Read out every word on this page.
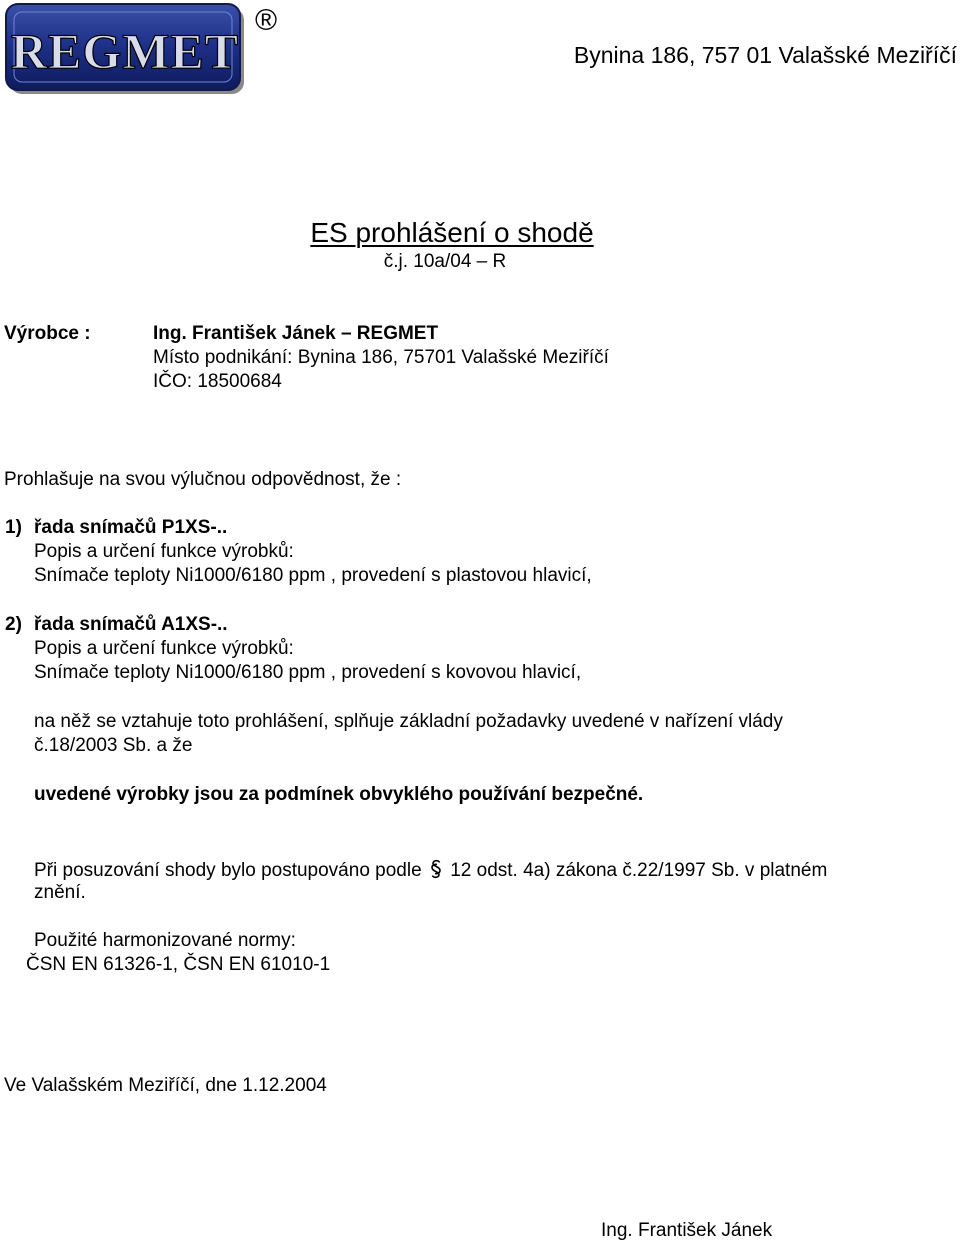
REGMET
®
Bynina 186, 757 01 Valašské Meziříčí
ES prohlášení o shodě
č.j. 10a/04 – R
Výrobce :	Ing. František Jánek – REGMET
Místo podnikání: Bynina 186, 75701 Valašské Meziříčí
IČO: 18500684
Prohlašuje na svou výlučnou odpovědnost, že :
1) řada snímačů P1XS-..
Popis a určení funkce výrobků:
Snímače teploty Ni1000/6180 ppm , provedení s plastovou hlavicí,
2) řada snímačů A1XS-..
Popis a určení funkce výrobků:
Snímače teploty Ni1000/6180 ppm , provedení s kovovou hlavicí,
na něž se vztahuje toto prohlášení, splňuje základní požadavky uvedené v nařízení vlády
č.18/2003 Sb. a že
uvedené výrobky jsou za podmínek obvyklého používání bezpečné.
Při posuzování shody bylo postupováno podle 12 odst. 4a) zákona č.22/1997 Sb. v platném
znění.
Použité harmonizované normy:
ČSN EN 61326-1, ČSN EN 61010-1
Ve Valašském Meziříčí, dne 1.12.2004
Ing. František Jánek
